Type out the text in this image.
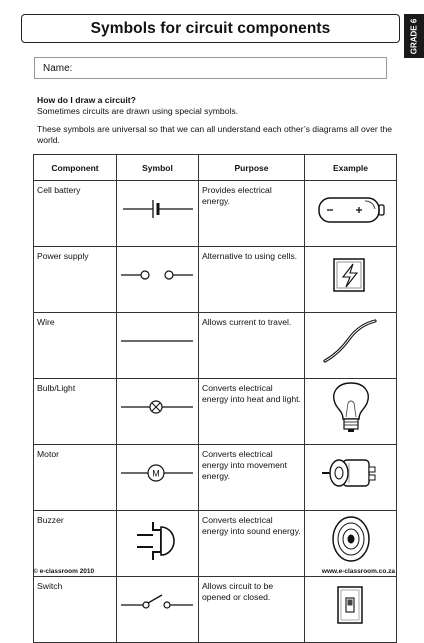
Symbols for circuit components	GRADE 6
Name:

How do I draw a circuit?

Sometimes circuits are drawn using special symbols.

These symbols are universal so that we can all understand each other’s diagrams all over the world.

Component	Symbol	Purpose	Example
Cell battery		Provides electrical energy.	

Power supply		Alternative to using cells.	

Wire		Allows current to travel.	

Bulb/Light		Converts electrical energy into heat and light.	

Motor	M	Converts electrical energy into movement energy.	

Buzzer		Converts electrical energy into sound energy.	

Switch		Allows circuit to be opened or closed.	
© e-classroom 2010	www.e-classroom.co.za
